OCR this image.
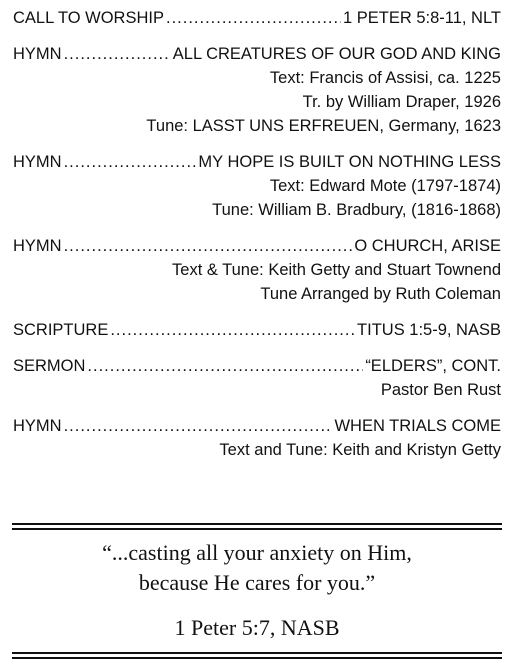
CALL TO WORSHIP .....	1 PETER 5:8-11, NLT
HYMN .....	ALL CREATURES OF OUR GOD AND KING
Text: Francis of Assisi, ca. 1225
Tr. by William Draper, 1926
Tune: LASST UNS ERFREUEN, Germany, 1623
HYMN .....	MY HOPE IS BUILT ON NOTHING LESS
Text: Edward Mote (1797-1874)
Tune: William B. Bradbury, (1816-1868)
HYMN .....	O CHURCH, ARISE
Text & Tune: Keith Getty and Stuart Townend
Tune Arranged by Ruth Coleman
SCRIPTURE .....	TITUS 1:5-9, NASB
SERMON .....	“ELDERS”, CONT.
Pastor Ben Rust
HYMN .....	WHEN TRIALS COME
Text and Tune: Keith and Kristyn Getty
“...casting all your anxiety on Him,
because He cares for you.”
1 Peter 5:7, NASB
